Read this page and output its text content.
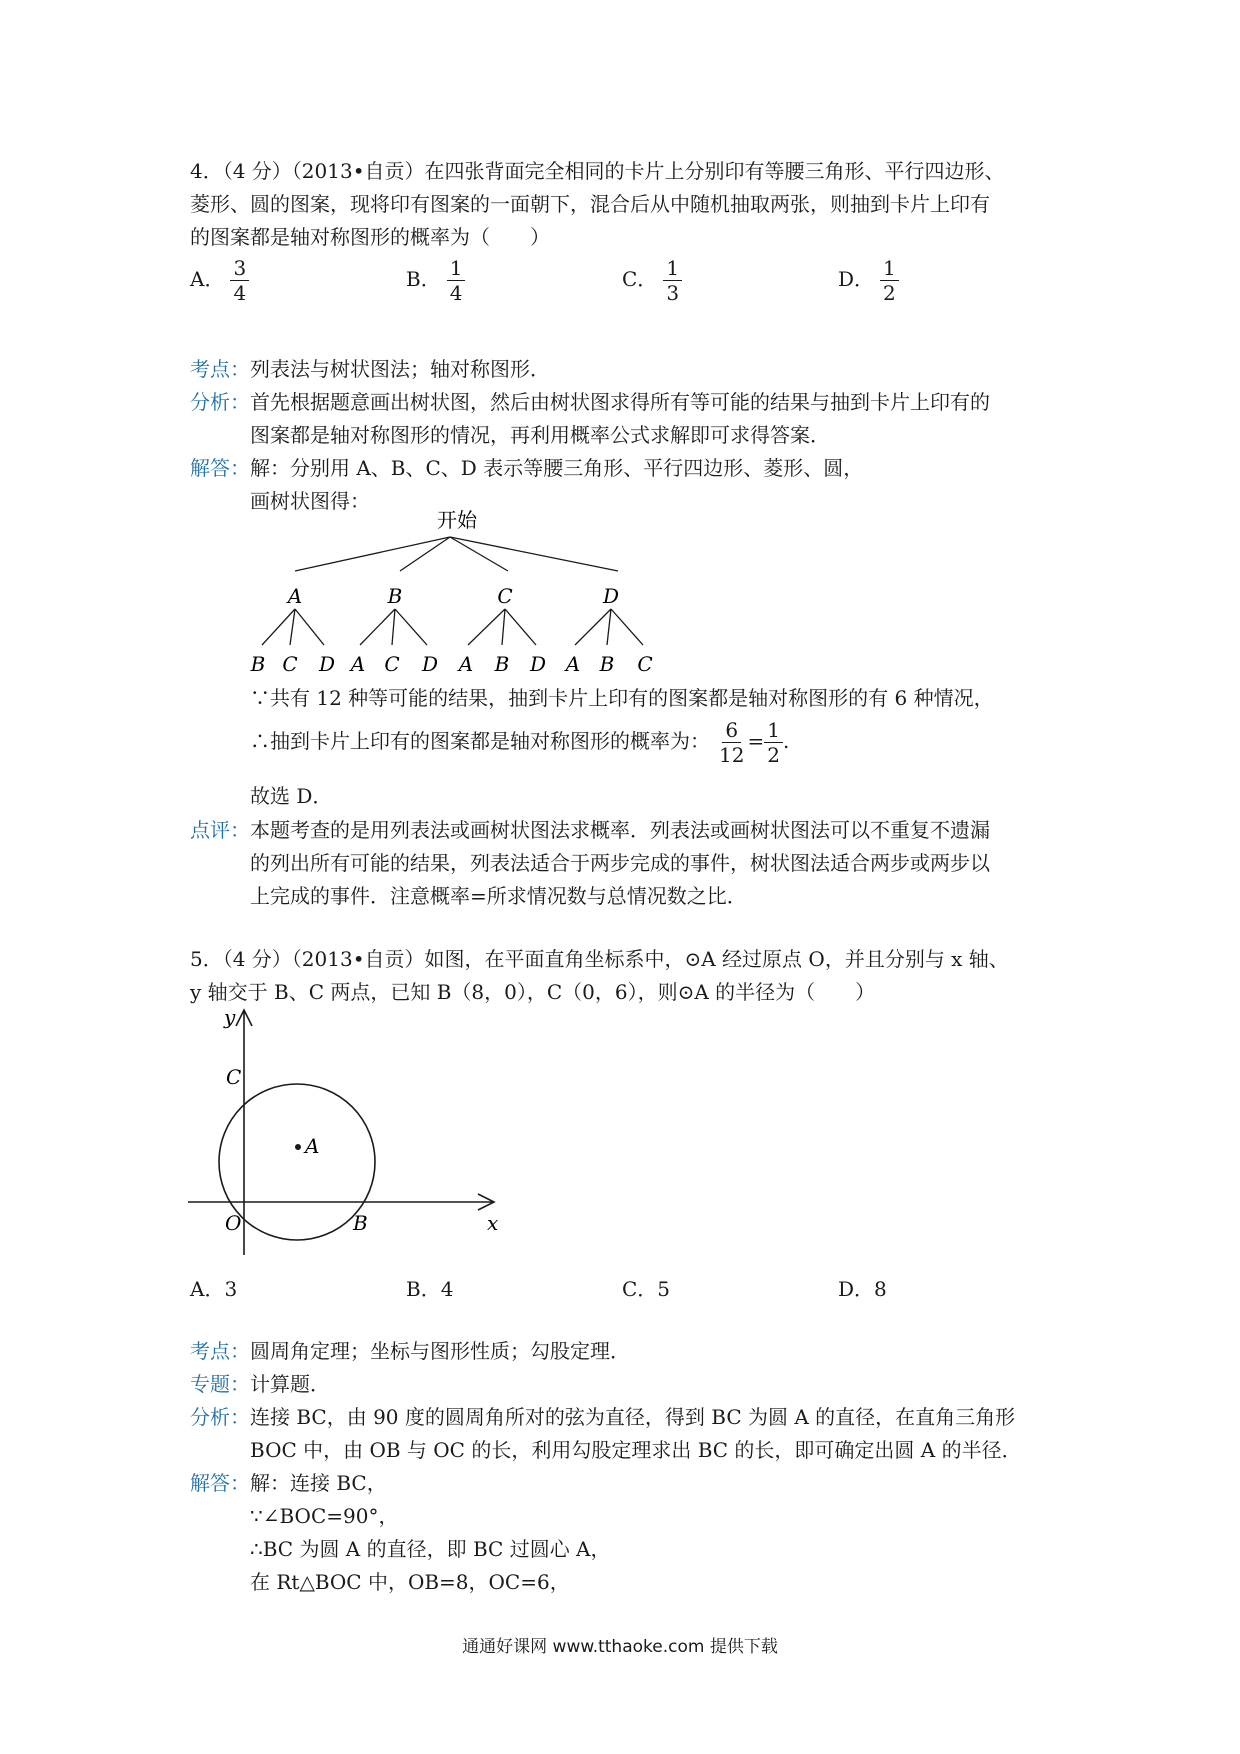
4．（4 分）（2013•自贡）在四张背面完全相同的卡片上分别印有等腰三角形、平行四边形、
菱形、圆的图案，现将印有图案的一面朝下，混合后从中随机抽取两张，则抽到卡片上印有
的图案都是轴对称图形的概率为（　　）
A． $\frac{3}{4}$	B． $\frac{1}{4}$	C． $\frac{1}{3}$	D． $\frac{1}{2}$
考点：列表法与树状图法；轴对称图形．
分析：首先根据题意画出树状图，然后由树状图求得所有等可能的结果与抽到卡片上印有的
图案都是轴对称图形的情况，再利用概率公式求解即可求得答案．
解答：解：分别用 A、B、C、D 表示等腰三角形、平行四边形、菱形、圆，
画树状图得：
开始
A	B	C	D
B C D A C D A B D A B C
∵共有 12 种等可能的结果，抽到卡片上印有的图案都是轴对称图形的有 6 种情况，
∴抽到卡片上印有的图案都是轴对称图形的概率为： $\frac{6}{12} = \frac{1}{2}$ .
故选 D．
点评：本题考查的是用列表法或画树状图法求概率．列表法或画树状图法可以不重复不遗漏
的列出所有可能的结果，列表法适合于两步完成的事件，树状图法适合两步或两步以
上完成的事件．注意概率=所求情况数与总情况数之比．
5．（4 分）（2013•自贡）如图，在平面直角坐标系中，⊙A 经过原点 O，并且分别与 x 轴、
y 轴交于 B、C 两点，已知 B（8，0），C（0，6），则⊙A 的半径为（　　）
y
x
C
A
O	B
A．3	B．4	C．5	D．8
考点：圆周角定理；坐标与图形性质；勾股定理．
专题：计算题．
分析：连接 BC，由 90 度的圆周角所对的弦为直径，得到 BC 为圆 A 的直径，在直角三角形
BOC 中，由 OB 与 OC 的长，利用勾股定理求出 BC 的长，即可确定出圆 A 的半径．
解答：解：连接 BC，
∵∠BOC=90°，
∴BC 为圆 A 的直径，即 BC 过圆心 A，
在 Rt△BOC 中，OB=8，OC=6，
通通好课网 www.tthaoke.com 提供下载
